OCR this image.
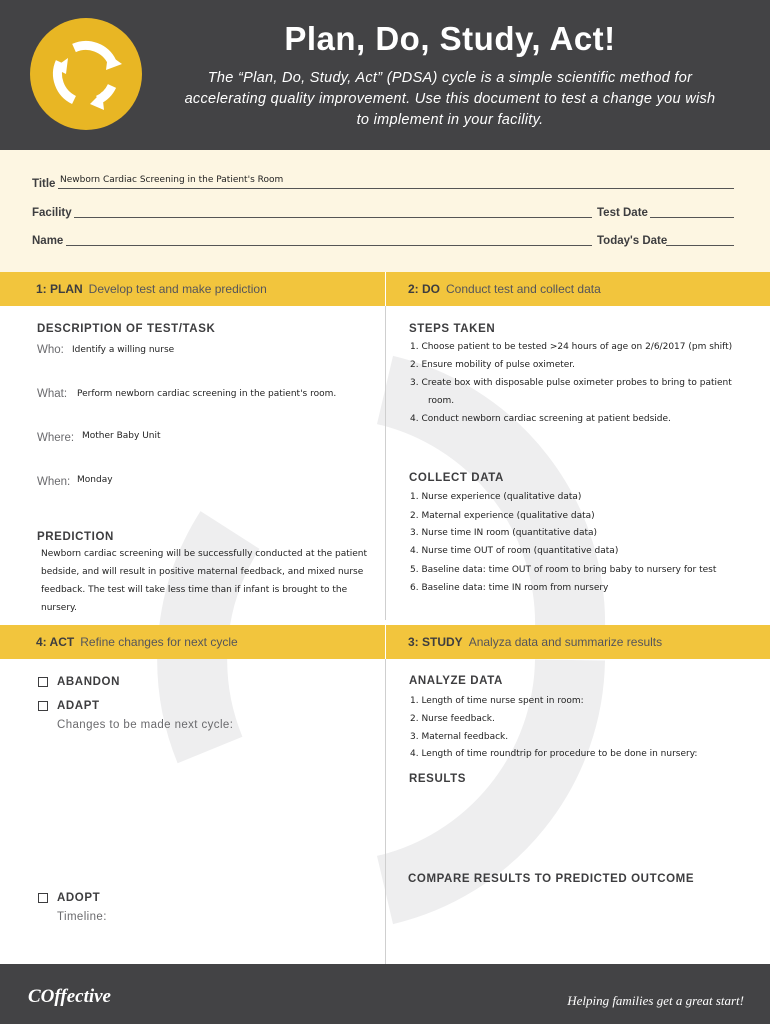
Plan, Do, Study, Act!
The “Plan, Do, Study, Act” (PDSA) cycle is a simple scientific method for accelerating quality improvement. Use this document to test a change you wish to implement in your facility.
Title Newborn Cardiac Screening in the Patient's Room
Facility	Test Date
Name	Today's Date
1: PLAN Develop test and make prediction	2: DO Conduct test and collect data
DESCRIPTION OF TEST/TASK
Who: Identify a willing nurse
What: Perform newborn cardiac screening in the patient's room.
Where: Mother Baby Unit
When: Monday
PREDICTION
Newborn cardiac screening will be successfully conducted at the patient
bedside, and will result in positive maternal feedback, and mixed nurse
feedback. The test will take less time than if infant is brought to the
nursery.
STEPS TAKEN
1. Choose patient to be tested >24 hours of age on 2/6/2017 (pm shift)
2. Ensure mobility of pulse oximeter.
3. Create box with disposable pulse oximeter probes to bring to patient
room.
4. Conduct newborn cardiac screening at patient bedside.
COLLECT DATA
1. Nurse experience (qualitative data)
2. Maternal experience (qualitative data)
3. Nurse time IN room (quantitative data)
4. Nurse time OUT of room (quantitative data)
5. Baseline data: time OUT of room to bring baby to nursery for test
6. Baseline data: time IN room from nursery
4: ACT Refine changes for next cycle	3: STUDY Analyza data and summarize results
ABANDON
ADAPT
Changes to be made next cycle:
ADOPT
Timeline:
ANALYZE DATA
1. Length of time nurse spent in room:
2. Nurse feedback.
3. Maternal feedback.
4. Length of time roundtrip for procedure to be done in nursery:
RESULTS
COMPARE RESULTS TO PREDICTED OUTCOME
COffective	Helping families get a great start!
